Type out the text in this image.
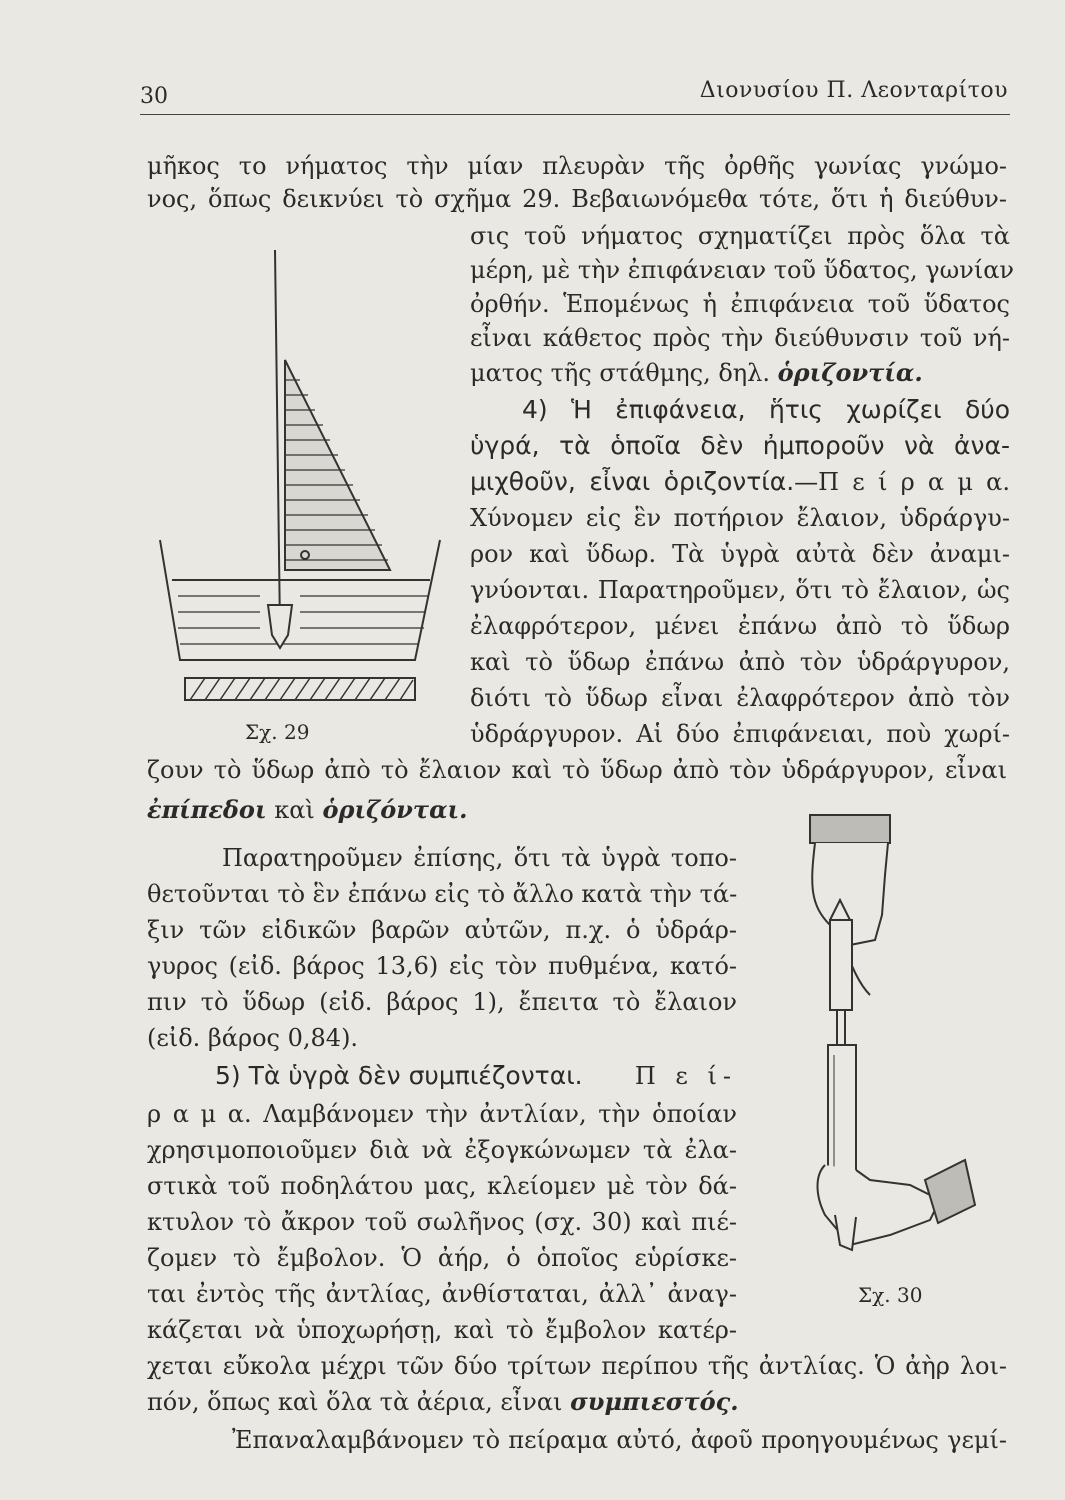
30	Διονυσίου Π. Λεονταρίτου
μῆκος το νήματος τὴν μίαν πλευρὰν τῆς ὀρθῆς γωνίας γνώμο-
νος, ὅπως δεικνύει τὸ σχῆμα 29. Βεβαιωνόμεθα τότε, ὅτι ἡ διεύθυν-
σις τοῦ νήματος σχηματίζει πρὸς ὅλα τὰ
μέρη, μὲ τὴν ἐπιφάνειαν τοῦ ὕδατος, γωνίαν
ὀρθήν. Ἑπομένως ἡ ἐπιφάνεια τοῦ ὕδατος
εἶναι κάθετος πρὸς τὴν διεύθυνσιν τοῦ νή-
ματος τῆς στάθμης, δηλ. ὁριζοντία.
4) Ἡ ἐπιφάνεια, ἥτις χωρίζει δύο
ὑγρά, τὰ ὁποῖα δὲν ἠμποροῦν νὰ ἀνα-
μιχθοῦν, εἶναι ὁριζοντία.—Π ε ί ρ α μ α.
Χύνομεν εἰς ἓν ποτήριον ἔλαιον, ὑδράργυ-
ρον καὶ ὕδωρ. Τὰ ὑγρὰ αὐτὰ δὲν ἀναμι-
γνύονται. Παρατηροῦμεν, ὅτι τὸ ἔλαιον, ὡς
ἐλαφρότερον, μένει ἐπάνω ἀπὸ τὸ ὕδωρ
καὶ τὸ ὕδωρ ἐπάνω ἀπὸ τὸν ὑδράργυρον,
διότι τὸ ὕδωρ εἶναι ἐλαφρότερον ἀπὸ τὸν
ὑδράργυρον. Αἱ δύο ἐπιφάνειαι, ποὺ χωρί-
ζουν τὸ ὕδωρ ἀπὸ τὸ ἔλαιον καὶ τὸ ὕδωρ ἀπὸ τὸν ὑδράργυρον, εἶναι
ἐπίπεδοι καὶ ὁριζόνται.
Παρατηροῦμεν ἐπίσης, ὅτι τὰ ὑγρὰ τοπο-
θετοῦνται τὸ ἓν ἐπάνω εἰς τὸ ἄλλο κατὰ τὴν τά-
ξιν τῶν εἰδικῶν βαρῶν αὐτῶν, π.χ. ὁ ὑδράρ-
γυρος (εἰδ. βάρος 13,6) εἰς τὸν πυθμένα, κατό-
πιν τὸ ὕδωρ (εἰδ. βάρος 1), ἔπειτα τὸ ἔλαιον
(εἰδ. βάρος 0,84).
5) Τὰ ὑγρὰ δὲν συμπιέζονται. Π ε ί-
ρ α μ α. Λαμβάνομεν τὴν ἀντλίαν, τὴν ὁποίαν
χρησιμοποιοῦμεν διὰ νὰ ἐξογκώνωμεν τὰ ἐλα-
στικὰ τοῦ ποδηλάτου μας, κλείομεν μὲ τὸν δά-
κτυλον τὸ ἄκρον τοῦ σωλῆνος (σχ. 30) καὶ πιέ-
ζομεν τὸ ἔμβολον. Ὁ ἀήρ, ὁ ὁποῖος εὑρίσκε-
ται ἐντὸς τῆς ἀντλίας, ἀνθίσταται, ἀλλ᾽ ἀναγ-
κάζεται νὰ ὑποχωρήσῃ, καὶ τὸ ἔμβολον κατέρ-
χεται εὔκολα μέχρι τῶν δύο τρίτων περίπου τῆς ἀντλίας. Ὁ ἀὴρ λοι-
πόν, ὅπως καὶ ὅλα τὰ ἀέρια, εἶναι συμπιεστός.
Ἐπαναλαμβάνομεν τὸ πείραμα αὐτό, ἀφοῦ προηγουμένως γεμί-
Σχ. 29
Σχ. 30
